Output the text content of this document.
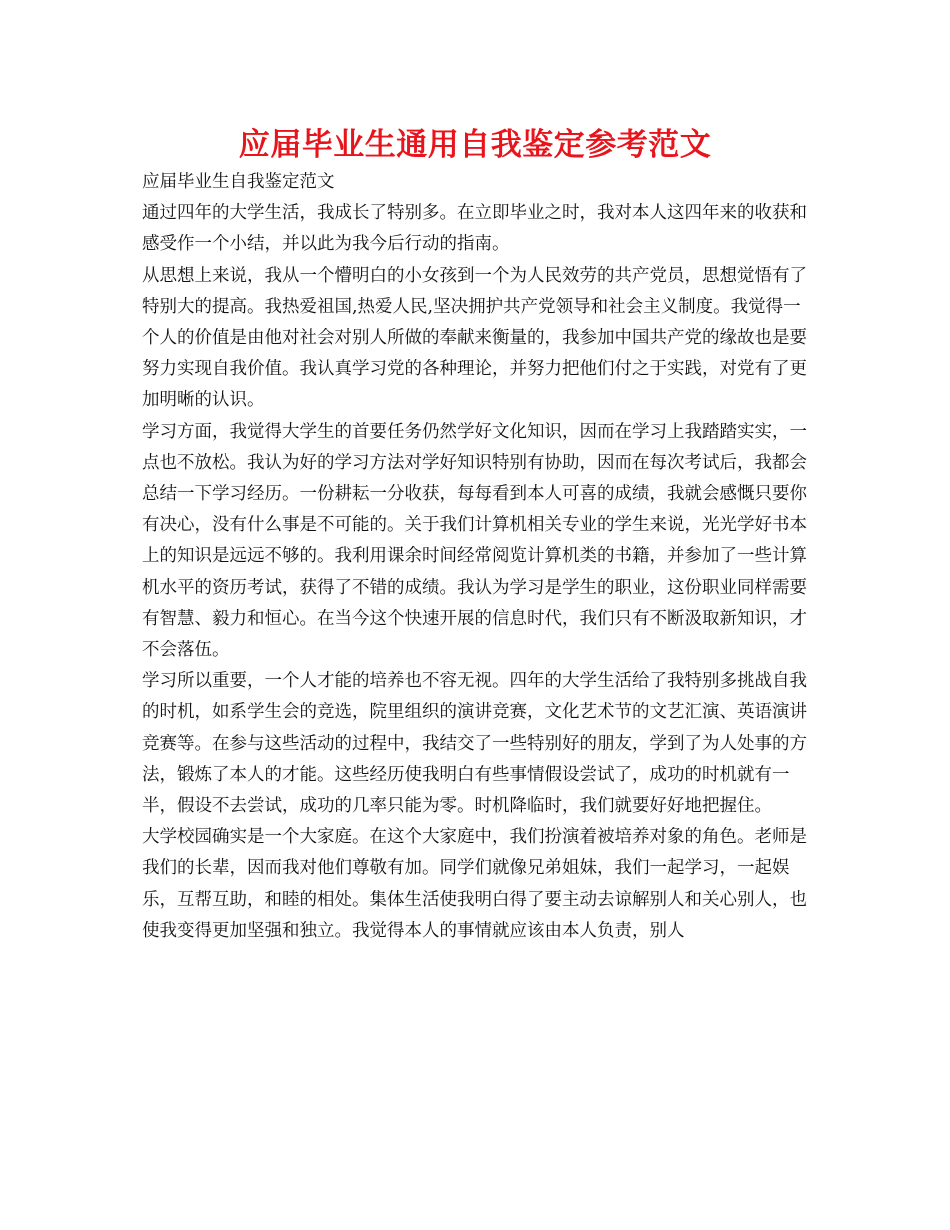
应届毕业生通用自我鉴定参考范文

应届毕业生自我鉴定范文

通过四年的大学生活，我成长了特别多。在立即毕业之时，我对本人这四年来的收获和感受作一个小结，并以此为我今后行动的指南。

从思想上来说，我从一个懵明白的小女孩到一个为人民效劳的共产党员，思想觉悟有了特别大的提高。我热爱祖国,热爱人民,坚决拥护共产党领导和社会主义制度。我觉得一个人的价值是由他对社会对别人所做的奉献来衡量的，我参加中国共产党的缘故也是要努力实现自我价值。我认真学习党的各种理论，并努力把他们付之于实践，对党有了更加明晰的认识。

学习方面，我觉得大学生的首要任务仍然学好文化知识，因而在学习上我踏踏实实，一点也不放松。我认为好的学习方法对学好知识特别有协助，因而在每次考试后，我都会总结一下学习经历。一份耕耘一分收获，每每看到本人可喜的成绩，我就会感慨只要你有决心，没有什么事是不可能的。关于我们计算机相关专业的学生来说，光光学好书本上的知识是远远不够的。我利用课余时间经常阅览计算机类的书籍，并参加了一些计算机水平的资历考试，获得了不错的成绩。我认为学习是学生的职业，这份职业同样需要有智慧、毅力和恒心。在当今这个快速开展的信息时代，我们只有不断汲取新知识，才不会落伍。

学习所以重要，一个人才能的培养也不容无视。四年的大学生活给了我特别多挑战自我的时机，如系学生会的竞选，院里组织的演讲竞赛，文化艺术节的文艺汇演、英语演讲竞赛等。在参与这些活动的过程中，我结交了一些特别好的朋友，学到了为人处事的方法，锻炼了本人的才能。这些经历使我明白有些事情假设尝试了，成功的时机就有一半，假设不去尝试，成功的几率只能为零。时机降临时，我们就要好好地把握住。

大学校园确实是一个大家庭。在这个大家庭中，我们扮演着被培养对象的角色。老师是我们的长辈，因而我对他们尊敬有加。同学们就像兄弟姐妹，我们一起学习，一起娱乐，互帮互助，和睦的相处。集体生活使我明白得了要主动去谅解别人和关心别人，也使我变得更加坚强和独立。我觉得本人的事情就应该由本人负责，别人
